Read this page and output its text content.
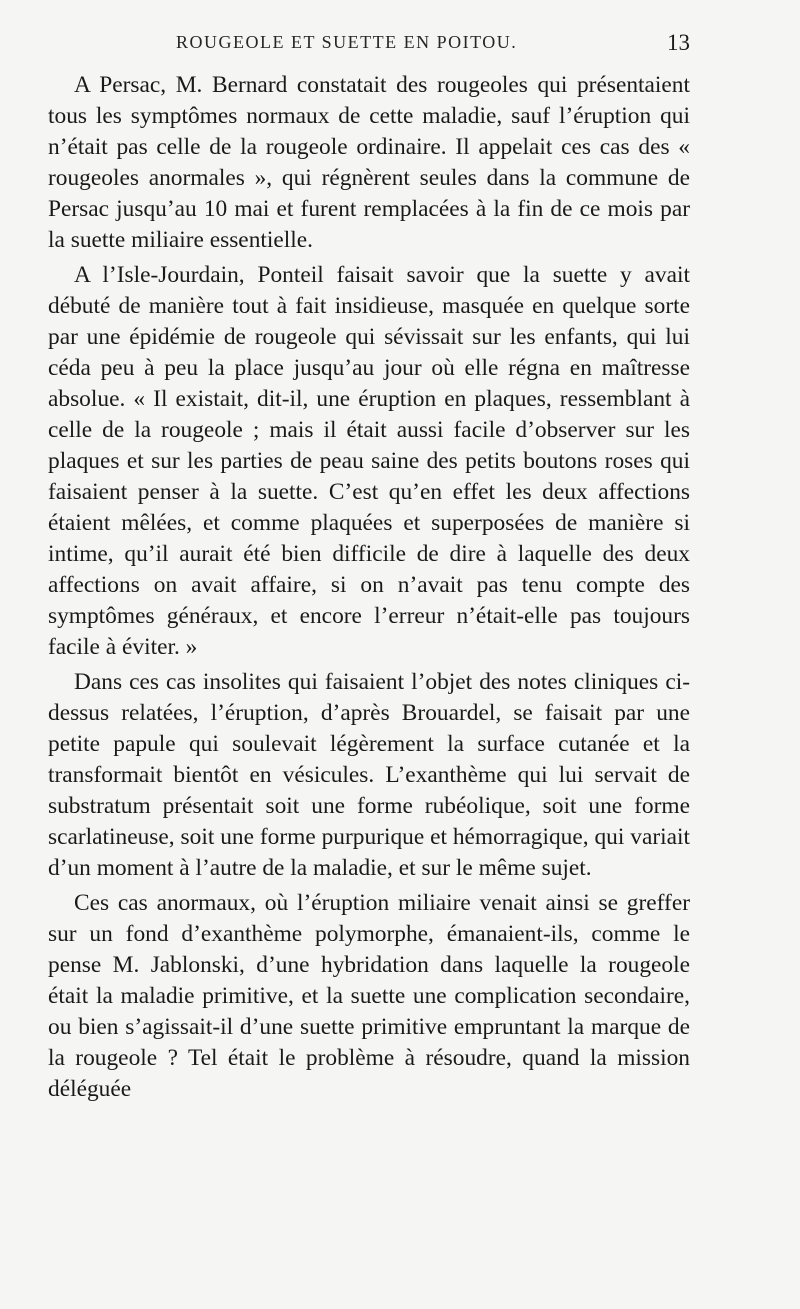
ROUGEOLE ET SUETTE EN POITOU.	13

A Persac, M. Bernard constatait des rougeoles qui présentaient tous les symptômes normaux de cette maladie, sauf l’éruption qui n’était pas celle de la rougeole ordinaire. Il appelait ces cas des « rougeoles anormales », qui régnèrent seules dans la commune de Persac jusqu’au 10 mai et furent remplacées à la fin de ce mois par la suette miliaire essentielle.

A l’Isle-Jourdain, Ponteil faisait savoir que la suette y avait débuté de manière tout à fait insidieuse, masquée en quelque sorte par une épidémie de rougeole qui sévissait sur les enfants, qui lui céda peu à peu la place jusqu’au jour où elle régna en maîtresse absolue. « Il existait, dit-il, une éruption en plaques, ressemblant à celle de la rougeole ; mais il était aussi facile d’observer sur les plaques et sur les parties de peau saine des petits boutons roses qui faisaient penser à la suette. C’est qu’en effet les deux affections étaient mêlées, et comme plaquées et superposées de manière si intime, qu’il aurait été bien difficile de dire à laquelle des deux affections on avait affaire, si on n’avait pas tenu compte des symptômes généraux, et encore l’erreur n’était-elle pas toujours facile à éviter. »

Dans ces cas insolites qui faisaient l’objet des notes cliniques ci-dessus relatées, l’éruption, d’après Brouardel, se faisait par une petite papule qui soulevait légèrement la surface cutanée et la transformait bientôt en vésicules. L’exanthème qui lui servait de substratum présentait soit une forme rubéolique, soit une forme scarlatineuse, soit une forme purpurique et hémorragique, qui variait d’un moment à l’autre de la maladie, et sur le même sujet.

Ces cas anormaux, où l’éruption miliaire venait ainsi se greffer sur un fond d’exanthème polymorphe, émanaient-ils, comme le pense M. Jablonski, d’une hybridation dans laquelle la rougeole était la maladie primitive, et la suette une complication secondaire, ou bien s’agissait-il d’une suette primitive empruntant la marque de la rougeole ? Tel était le problème à résoudre, quand la mission déléguée
